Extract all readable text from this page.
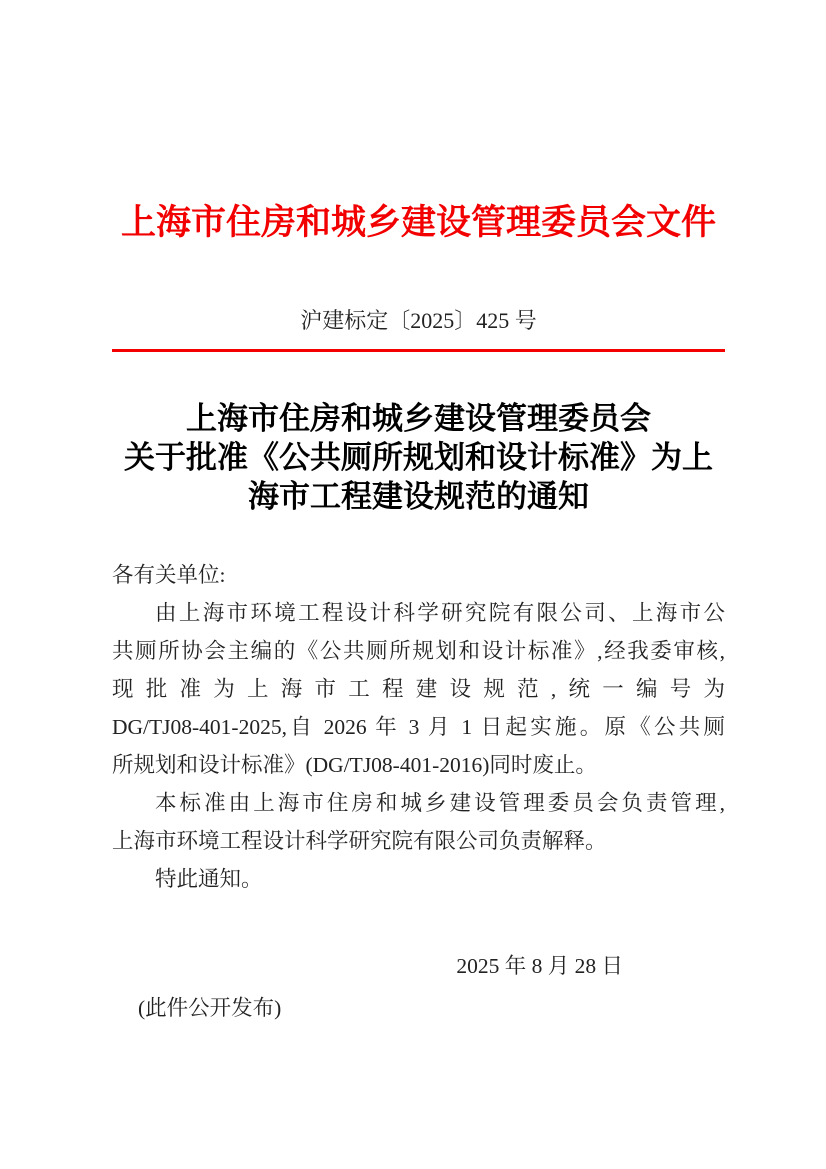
上海市住房和城乡建设管理委员会文件
沪建标定〔2025〕425 号
上海市住房和城乡建设管理委员会
关于批准《公共厕所规划和设计标准》为上
海市工程建设规范的通知
各有关单位:
由上海市环境工程设计科学研究院有限公司、上海市公
共厕所协会主编的《公共厕所规划和设计标准》,经我委审核,
现批准为上海市工程建设规范,统一编号为
DG/TJ08-401-2025,自 2026 年 3 月 1 日起实施。原《公共厕
所规划和设计标准》(DG/TJ08-401-2016)同时废止。
本标准由上海市住房和城乡建设管理委员会负责管理,
上海市环境工程设计科学研究院有限公司负责解释。
特此通知。
2025 年 8 月 28 日
(此件公开发布)
